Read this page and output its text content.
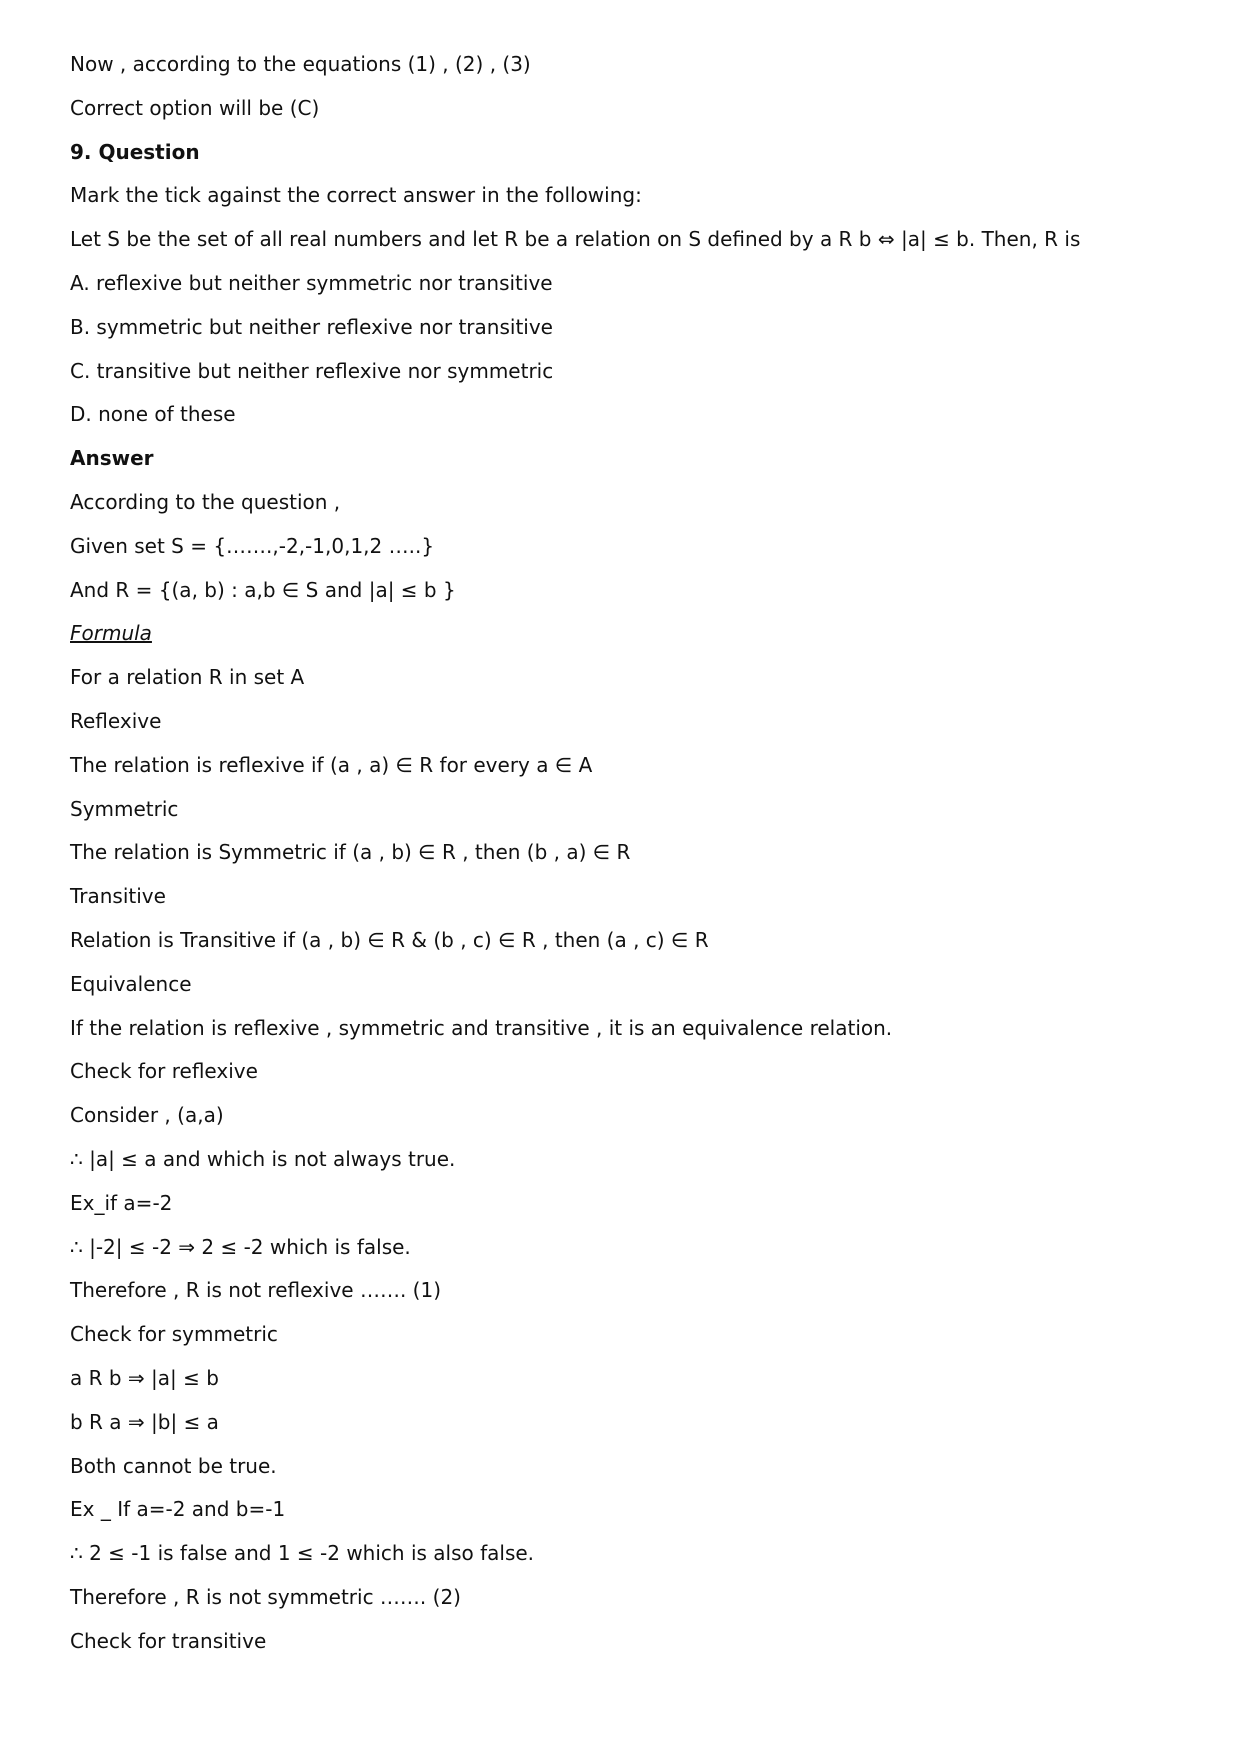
Now , according to the equations (1) , (2) , (3)
Correct option will be (C)
9. Question
Mark the tick against the correct answer in the following:
Let S be the set of all real numbers and let R be a relation on S defined by a R b ⇔ |a| ≤ b. Then, R is
A. reflexive but neither symmetric nor transitive
B. symmetric but neither reflexive nor transitive
C. transitive but neither reflexive nor symmetric
D. none of these
Answer
According to the question ,
Given set S = {…….,-2,-1,0,1,2 …..}
And R = {(a, b) : a,b ∈ S and |a| ≤ b }
Formula
For a relation R in set A
Reflexive
The relation is reflexive if (a , a) ∈ R for every a ∈ A
Symmetric
The relation is Symmetric if (a , b) ∈ R , then (b , a) ∈ R
Transitive
Relation is Transitive if (a , b) ∈ R & (b , c) ∈ R , then (a , c) ∈ R
Equivalence
If the relation is reflexive , symmetric and transitive , it is an equivalence relation.
Check for reflexive
Consider , (a,a)
∴ |a| ≤ a and which is not always true.
Ex_if a=-2
∴ |-2| ≤ -2 ⇒ 2 ≤ -2 which is false.
Therefore , R is not reflexive ……. (1)
Check for symmetric
a R b ⇒ |a| ≤ b
b R a ⇒ |b| ≤ a
Both cannot be true.
Ex _ If a=-2 and b=-1
∴ 2 ≤ -1 is false and 1 ≤ -2 which is also false.
Therefore , R is not symmetric ……. (2)
Check for transitive
